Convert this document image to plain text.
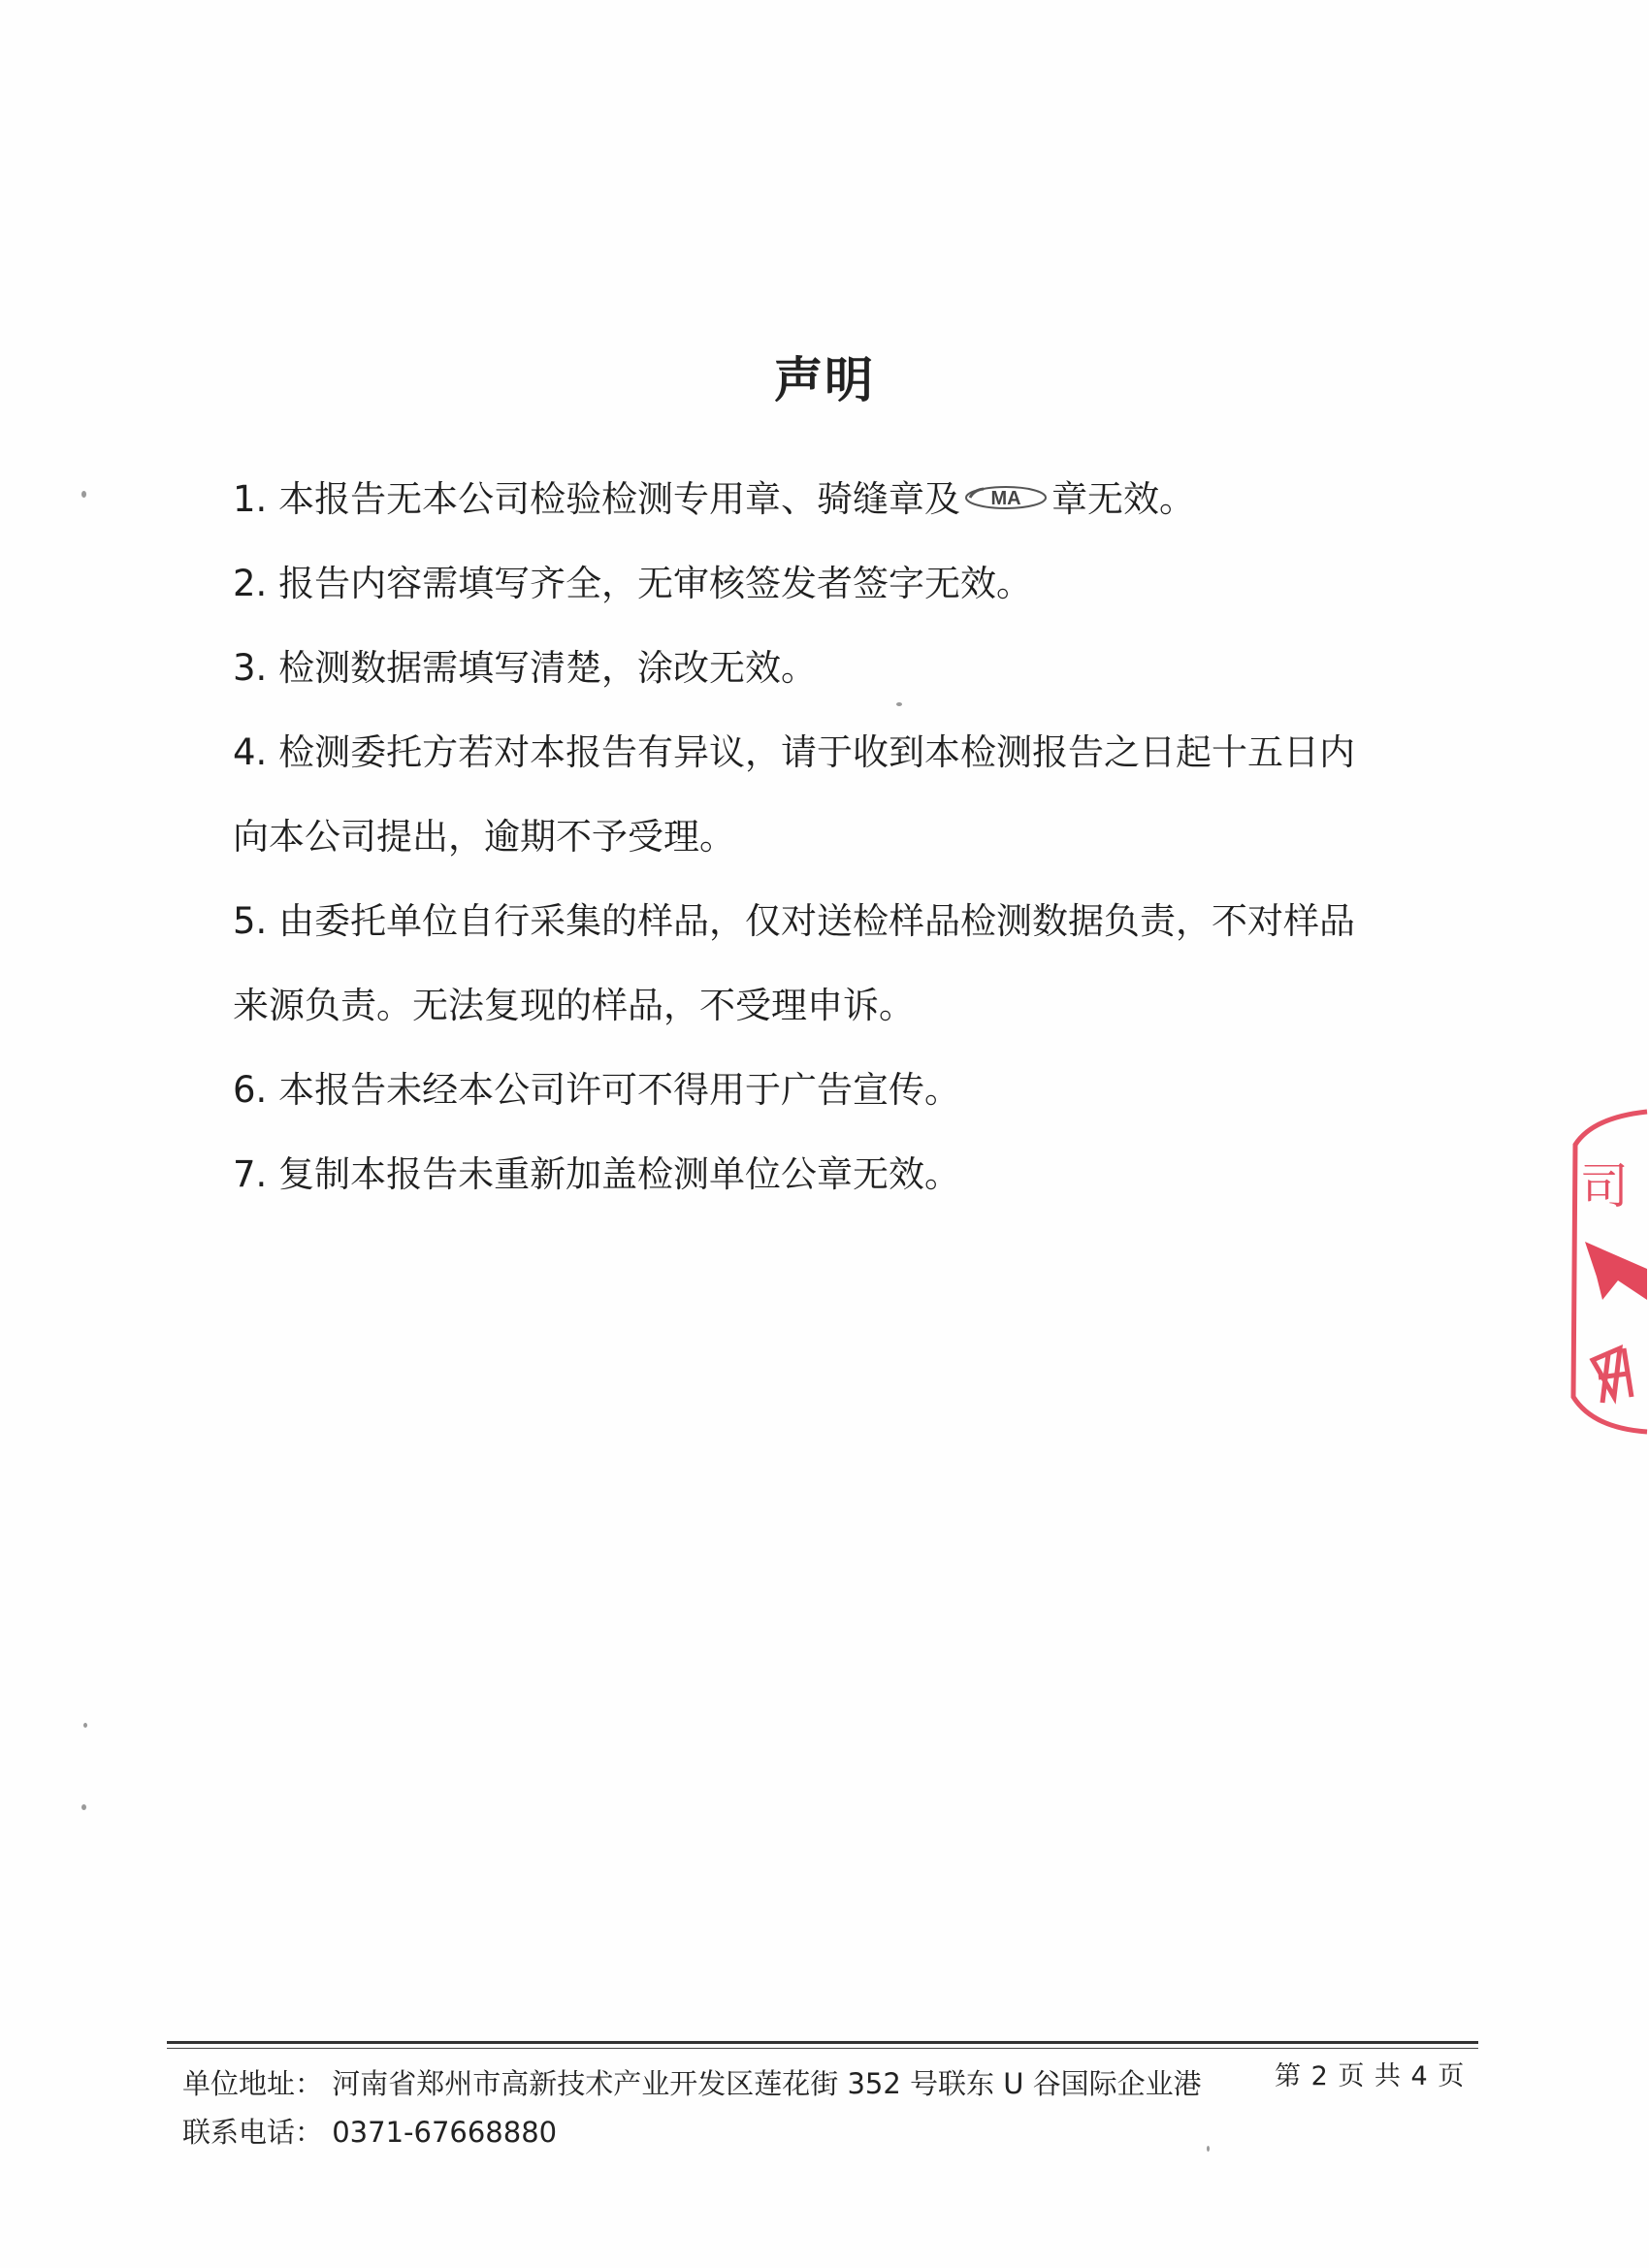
声明
1. 本报告无本公司检验检测专用章、骑缝章及 MA 章无效。
2. 报告内容需填写齐全，无审核签发者签字无效。
3. 检测数据需填写清楚，涂改无效。
4. 检测委托方若对本报告有异议，请于收到本检测报告之日起十五日内
向本公司提出，逾期不予受理。
5. 由委托单位自行采集的样品，仅对送检样品检测数据负责，不对样品
来源负责。无法复现的样品，不受理申诉。
6. 本报告未经本公司许可不得用于广告宣传。
7. 复制本报告未重新加盖检测单位公章无效。	司
单位地址： 河南省郑州市高新技术产业开发区莲花街 352 号联东 U 谷国际企业港
联系电话： 0371-67668880
第 2 页 共 4 页
